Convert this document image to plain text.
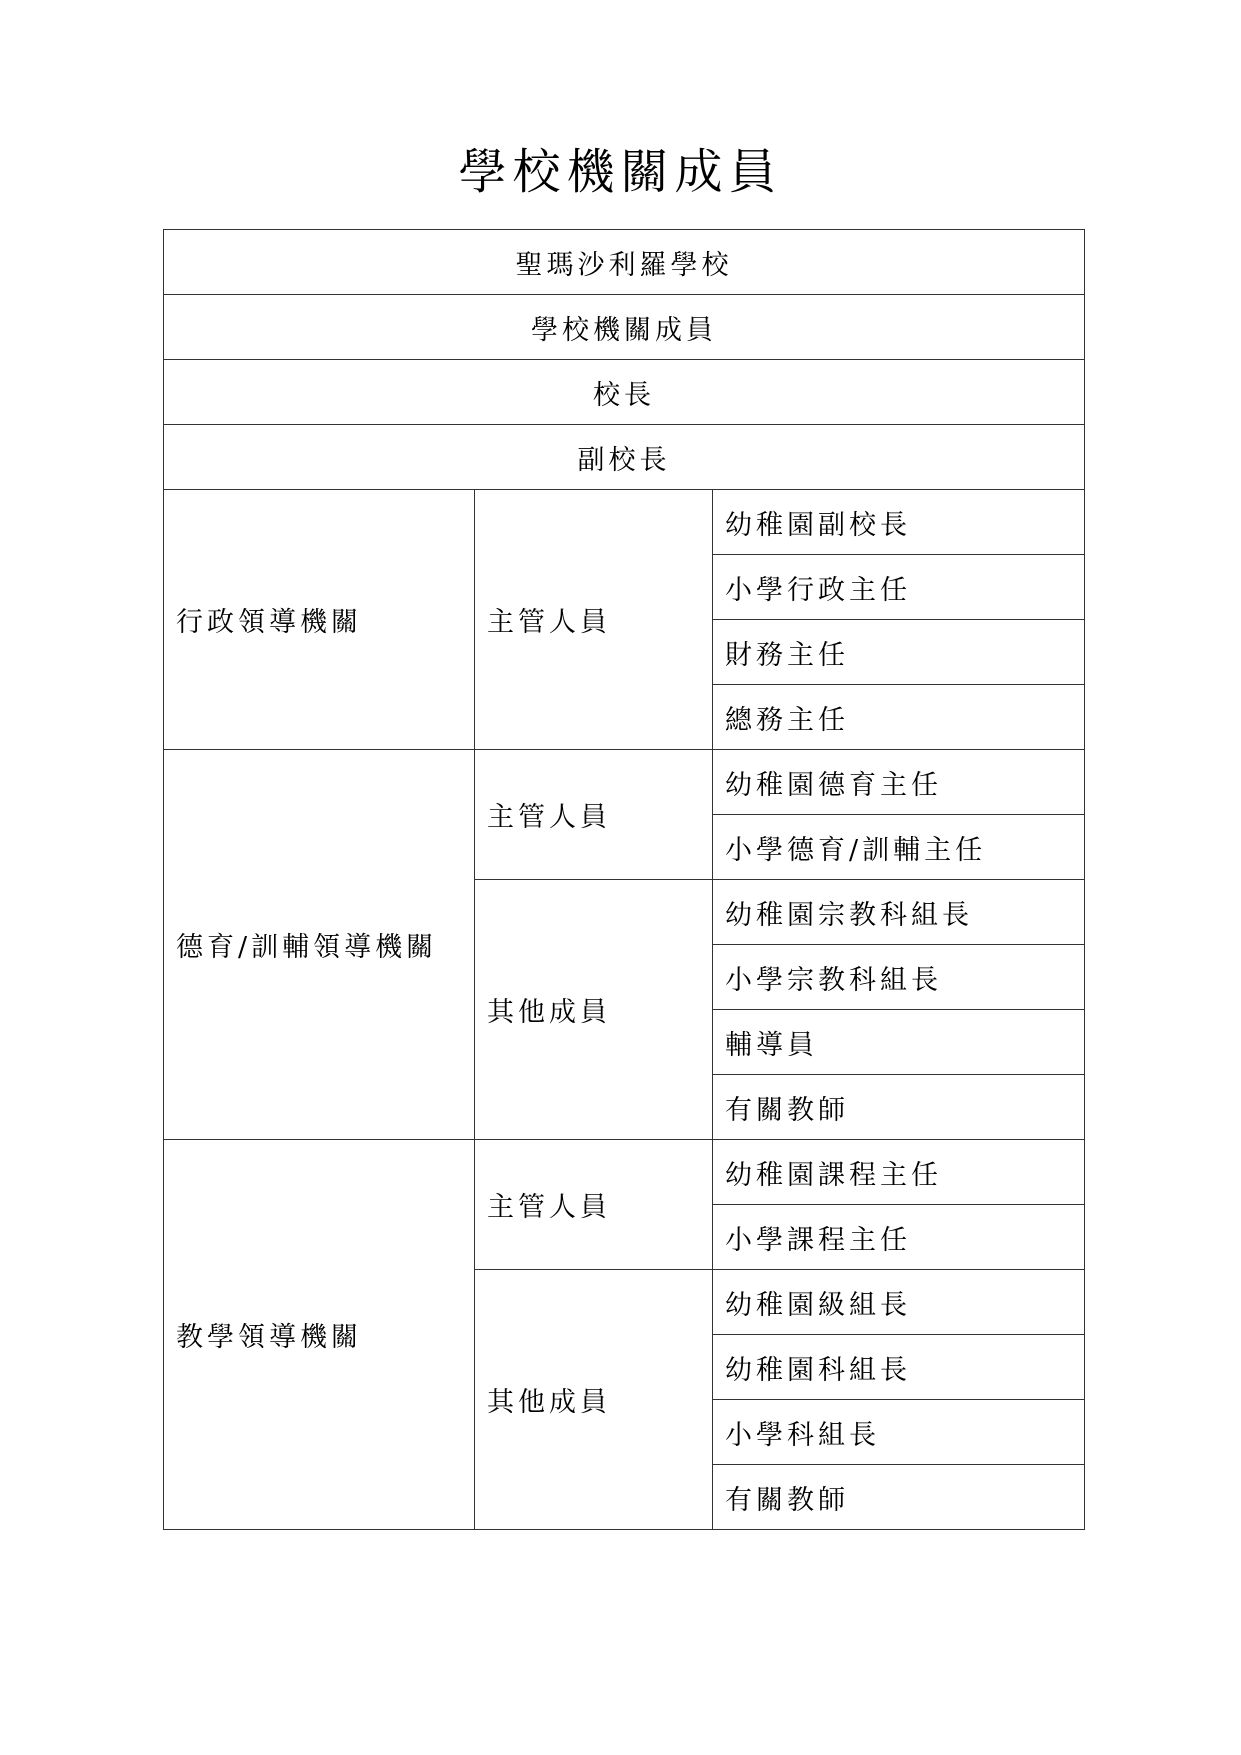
學校機關成員
聖瑪沙利羅學校		
學校機關成員		
校長		
副校長		
行政領導機關	主管人員	幼稚園副校長
		小學行政主任
		財務主任
		總務主任
德育/訓輔領導機關	主管人員	幼稚園德育主任
		小學德育/訓輔主任
	其他成員	幼稚園宗教科組長
		小學宗教科組長
		輔導員
		有關教師
教學領導機關	主管人員	幼稚園課程主任
		小學課程主任
	其他成員	幼稚園級組長
		幼稚園科組長
		小學科組長
		有關教師
